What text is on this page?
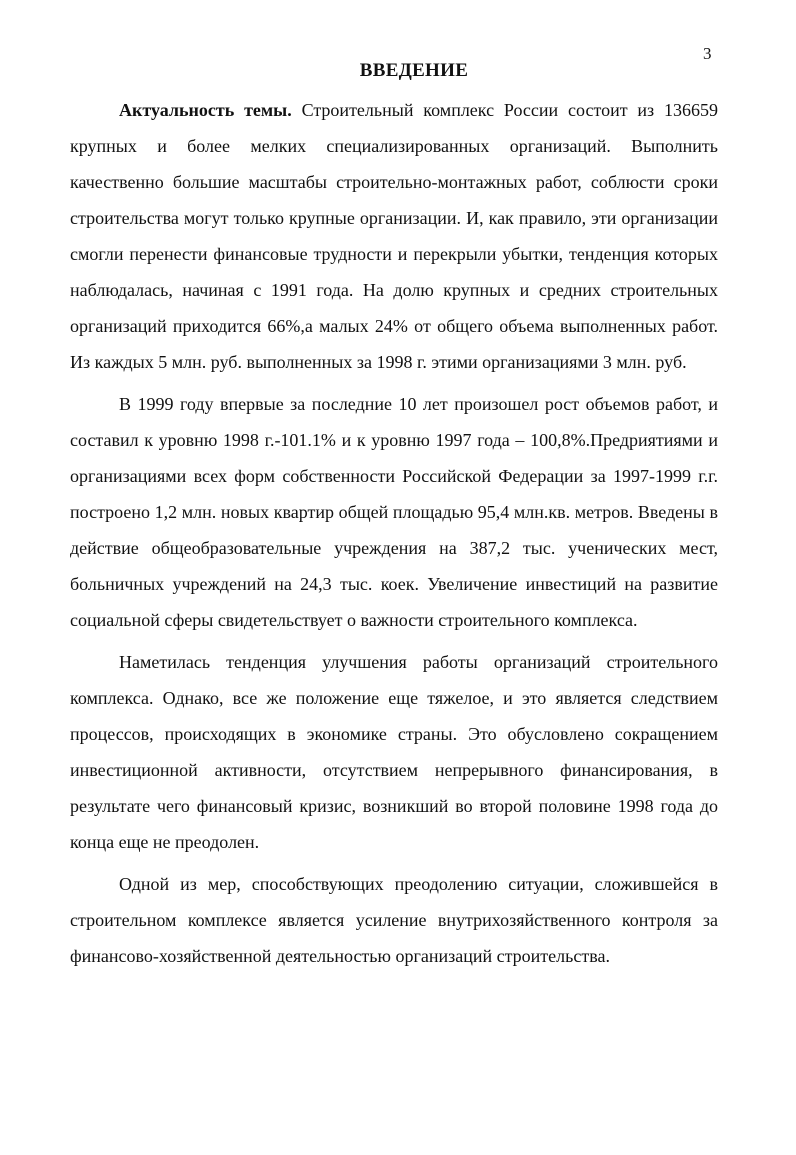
3
ВВЕДЕНИЕ

Актуальность темы. Строительный комплекс России состоит из 136659 крупных и более мелких специализированных организаций. Выполнить качественно большие масштабы строительно-монтажных работ, соблюсти сроки строительства могут только крупные организации. И, как правило, эти организации смогли перенести финансовые трудности и перекрыли убытки, тенденция которых наблюдалась, начиная с 1991 года. На долю крупных и средних строительных организаций приходится 66%,а малых 24% от общего объема выполненных работ. Из каждых 5 млн. руб. выполненных за 1998 г. этими организациями 3 млн. руб.

В 1999 году впервые за последние 10 лет произошел рост объемов работ, и составил к уровню 1998 г.-101.1% и к уровню 1997 года – 100,8%.Предриятиями и организациями всех форм собственности Российской Федерации за 1997-1999 г.г. построено 1,2 млн. новых квартир общей площадью 95,4 млн.кв. метров. Введены в действие общеобразовательные учреждения на 387,2 тыс. ученических мест, больничных учреждений на 24,3 тыс. коек. Увеличение инвестиций на развитие социальной сферы свидетельствует о важности строительного комплекса.

Наметилась тенденция улучшения работы организаций строительного комплекса. Однако, все же положение еще тяжелое, и это является следствием процессов, происходящих в экономике страны. Это обусловлено сокращением инвестиционной активности, отсутствием непрерывного финансирования, в результате чего финансовый кризис, возникший во второй половине 1998 года до конца еще не преодолен.

Одной из мер, способствующих преодолению ситуации, сложившейся в строительном комплексе является усиление внутрихозяйственного контроля за финансово-хозяйственной деятельностью организаций строительства.
